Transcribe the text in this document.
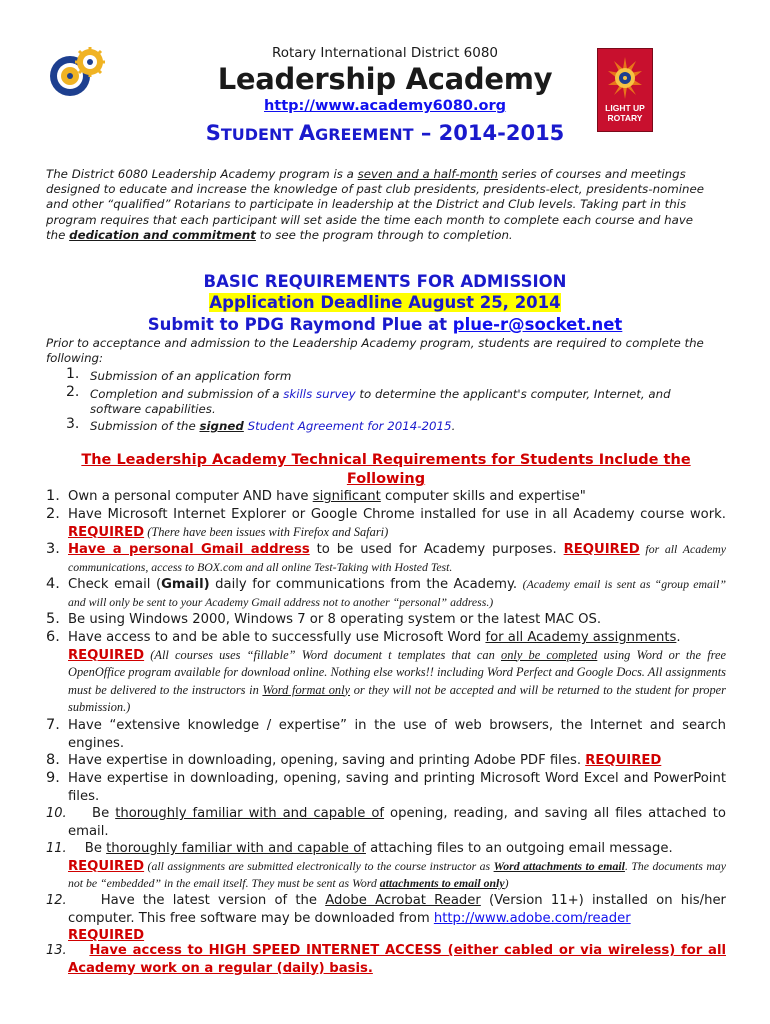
LIGHT UP
ROTARY
Rotary International District 6080
Leadership Academy
http://www.academy6080.org
STUDENT AGREEMENT – 2014-2015
The District 6080 Leadership Academy program is a seven and a half-month series of courses and meetings designed to educate and increase the knowledge of past club presidents, presidents-elect, presidents-nominee and other “qualified” Rotarians to participate in leadership at the District and Club levels. Taking part in this program requires that each participant will set aside the time each month to complete each course and have the dedication and commitment to see the program through to completion.
BASIC REQUIREMENTS FOR ADMISSION
Application Deadline August 25, 2014
Submit to PDG Raymond Plue at plue-r@socket.net
Prior to acceptance and admission to the Leadership Academy program, students are required to complete the following:
1. Submission of an application form
2. Completion and submission of a skills survey to determine the applicant's computer, Internet, and software capabilities.
3. Submission of the signed Student Agreement for 2014-2015.
The Leadership Academy Technical Requirements for Students Include the Following
1. Own a personal computer AND have significant computer skills and expertise"
2. Have Microsoft Internet Explorer or Google Chrome installed for use in all Academy course work. REQUIRED (There have been issues with Firefox and Safari)
3. Have a personal Gmail address to be used for Academy purposes. REQUIRED for all Academy communications, access to BOX.com and all online Test-Taking with Hosted Test.
4. Check email (Gmail) daily for communications from the Academy. (Academy email is sent as “group email” and will only be sent to your Academy Gmail address not to another “personal” address.)
5. Be using Windows 2000, Windows 7 or 8 operating system or the latest MAC OS.
6. Have access to and be able to successfully use Microsoft Word for all Academy assignments.
REQUIRED (All courses uses “fillable” Word document t templates that can only be completed using Word or the free OpenOffice program available for download online. Nothing else works!! including Word Perfect and Google Docs. All assignments must be delivered to the instructors in Word format only or they will not be accepted and will be returned to the student for proper submission.)
7. Have “extensive knowledge / expertise” in the use of web browsers, the Internet and search engines.
8. Have expertise in downloading, opening, saving and printing Adobe PDF files. REQUIRED
9. Have expertise in downloading, opening, saving and printing Microsoft Word Excel and PowerPoint files.
10.	Be thoroughly familiar with and capable of opening, reading, and saving all files attached to email.
11.	Be thoroughly familiar with and capable of attaching files to an outgoing email message.
REQUIRED (all assignments are submitted electronically to the course instructor as Word attachments to email. The documents may not be “embedded” in the email itself. They must be sent as Word attachments to email only)
12.	Have the latest version of the Adobe Acrobat Reader (Version 11+) installed on his/her computer. This free software may be downloaded from http://www.adobe.com/reader
REQUIRED
13.	Have access to HIGH SPEED INTERNET ACCESS (either cabled or via wireless) for all Academy work on a regular (daily) basis.
